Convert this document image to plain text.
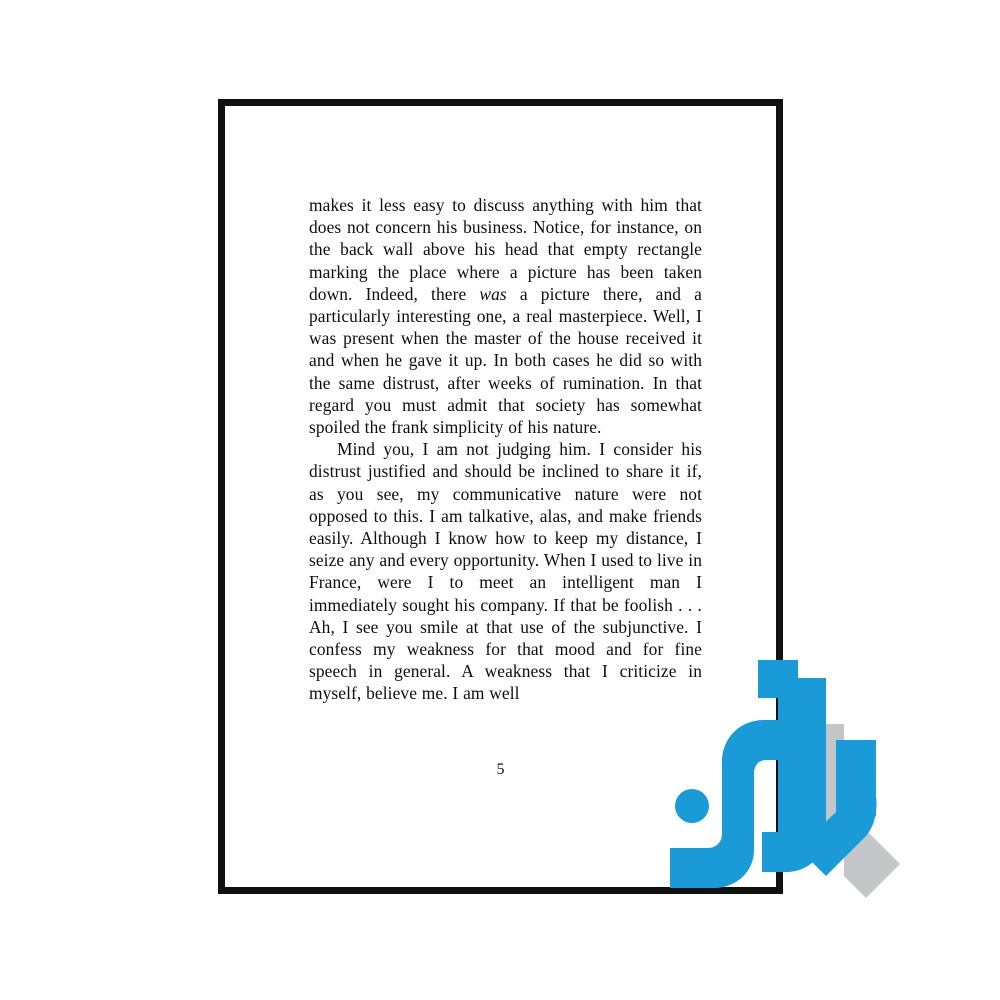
makes it less easy to discuss anything with him that does not concern his business. Notice, for instance, on the back wall above his head that empty rectangle marking the place where a picture has been taken down. Indeed, there was a picture there, and a particularly interesting one, a real masterpiece. Well, I was present when the master of the house received it and when he gave it up. In both cases he did so with the same distrust, after weeks of rumination. In that regard you must admit that society has somewhat spoiled the frank simplicity of his nature.

Mind you, I am not judging him. I consider his distrust justified and should be inclined to share it if, as you see, my communicative nature were not opposed to this. I am talkative, alas, and make friends easily. Although I know how to keep my distance, I seize any and every opportunity. When I used to live in France, were I to meet an intelligent man I immediately sought his company. If that be foolish . . . Ah, I see you smile at that use of the subjunctive. I confess my weakness for that mood and for fine speech in general. A weakness that I criticize in myself, believe me. I am well

5
